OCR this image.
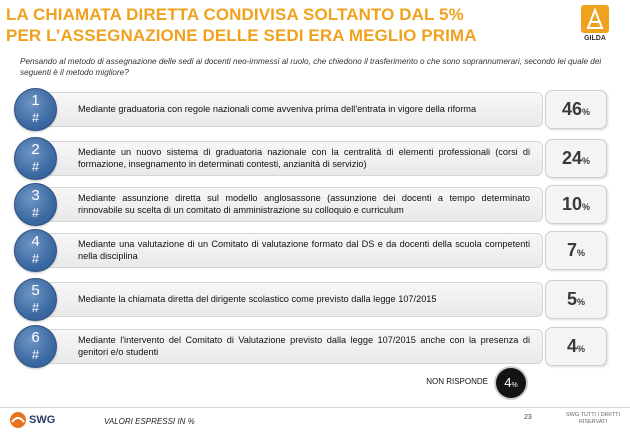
LA CHIAMATA DIRETTA CONDIVISA SOLTANTO DAL 5%
PER L’ASSEGNAZIONE DELLE SEDI ERA MEGLIO PRIMA	GILDA
Pensando al metodo di assegnazione delle sedi ai docenti neo-immessi al ruolo, che chiedono il trasferimento o che sono soprannumerari, secondo lei quale dei seguenti è il metodo migliore?
1
#
Mediante graduatoria con regole nazionali come avveniva prima dell'entrata in vigore della riforma	46%
2
#
Mediante un nuovo sistema di graduatoria nazionale con la centralità di elementi professionali (corsi di formazione, insegnamento in determinati contesti, anzianità di servizio)	24%
3
#
Mediante assunzione diretta sul modello anglosassone (assunzione dei docenti a tempo determinato rinnovabile su scelta di un comitato di amministrazione su colloquio e curriculum	10%
4
#
Mediante una valutazione di un Comitato di valutazione formato dal DS e da docenti della scuola competenti nella disciplina	7%
5
#
Mediante la chiamata diretta del dirigente scolastico come previsto dalla legge 107/2015	5%
6
#
Mediante l'intervento del Comitato di Valutazione previsto dalla legge 107/2015 anche con la presenza di genitori e/o studenti	4%
NON RISPONDE	4%
SWG	VALORI ESPRESSI IN %	23	SWG TUTTI I DIRITTI RISERVATI
